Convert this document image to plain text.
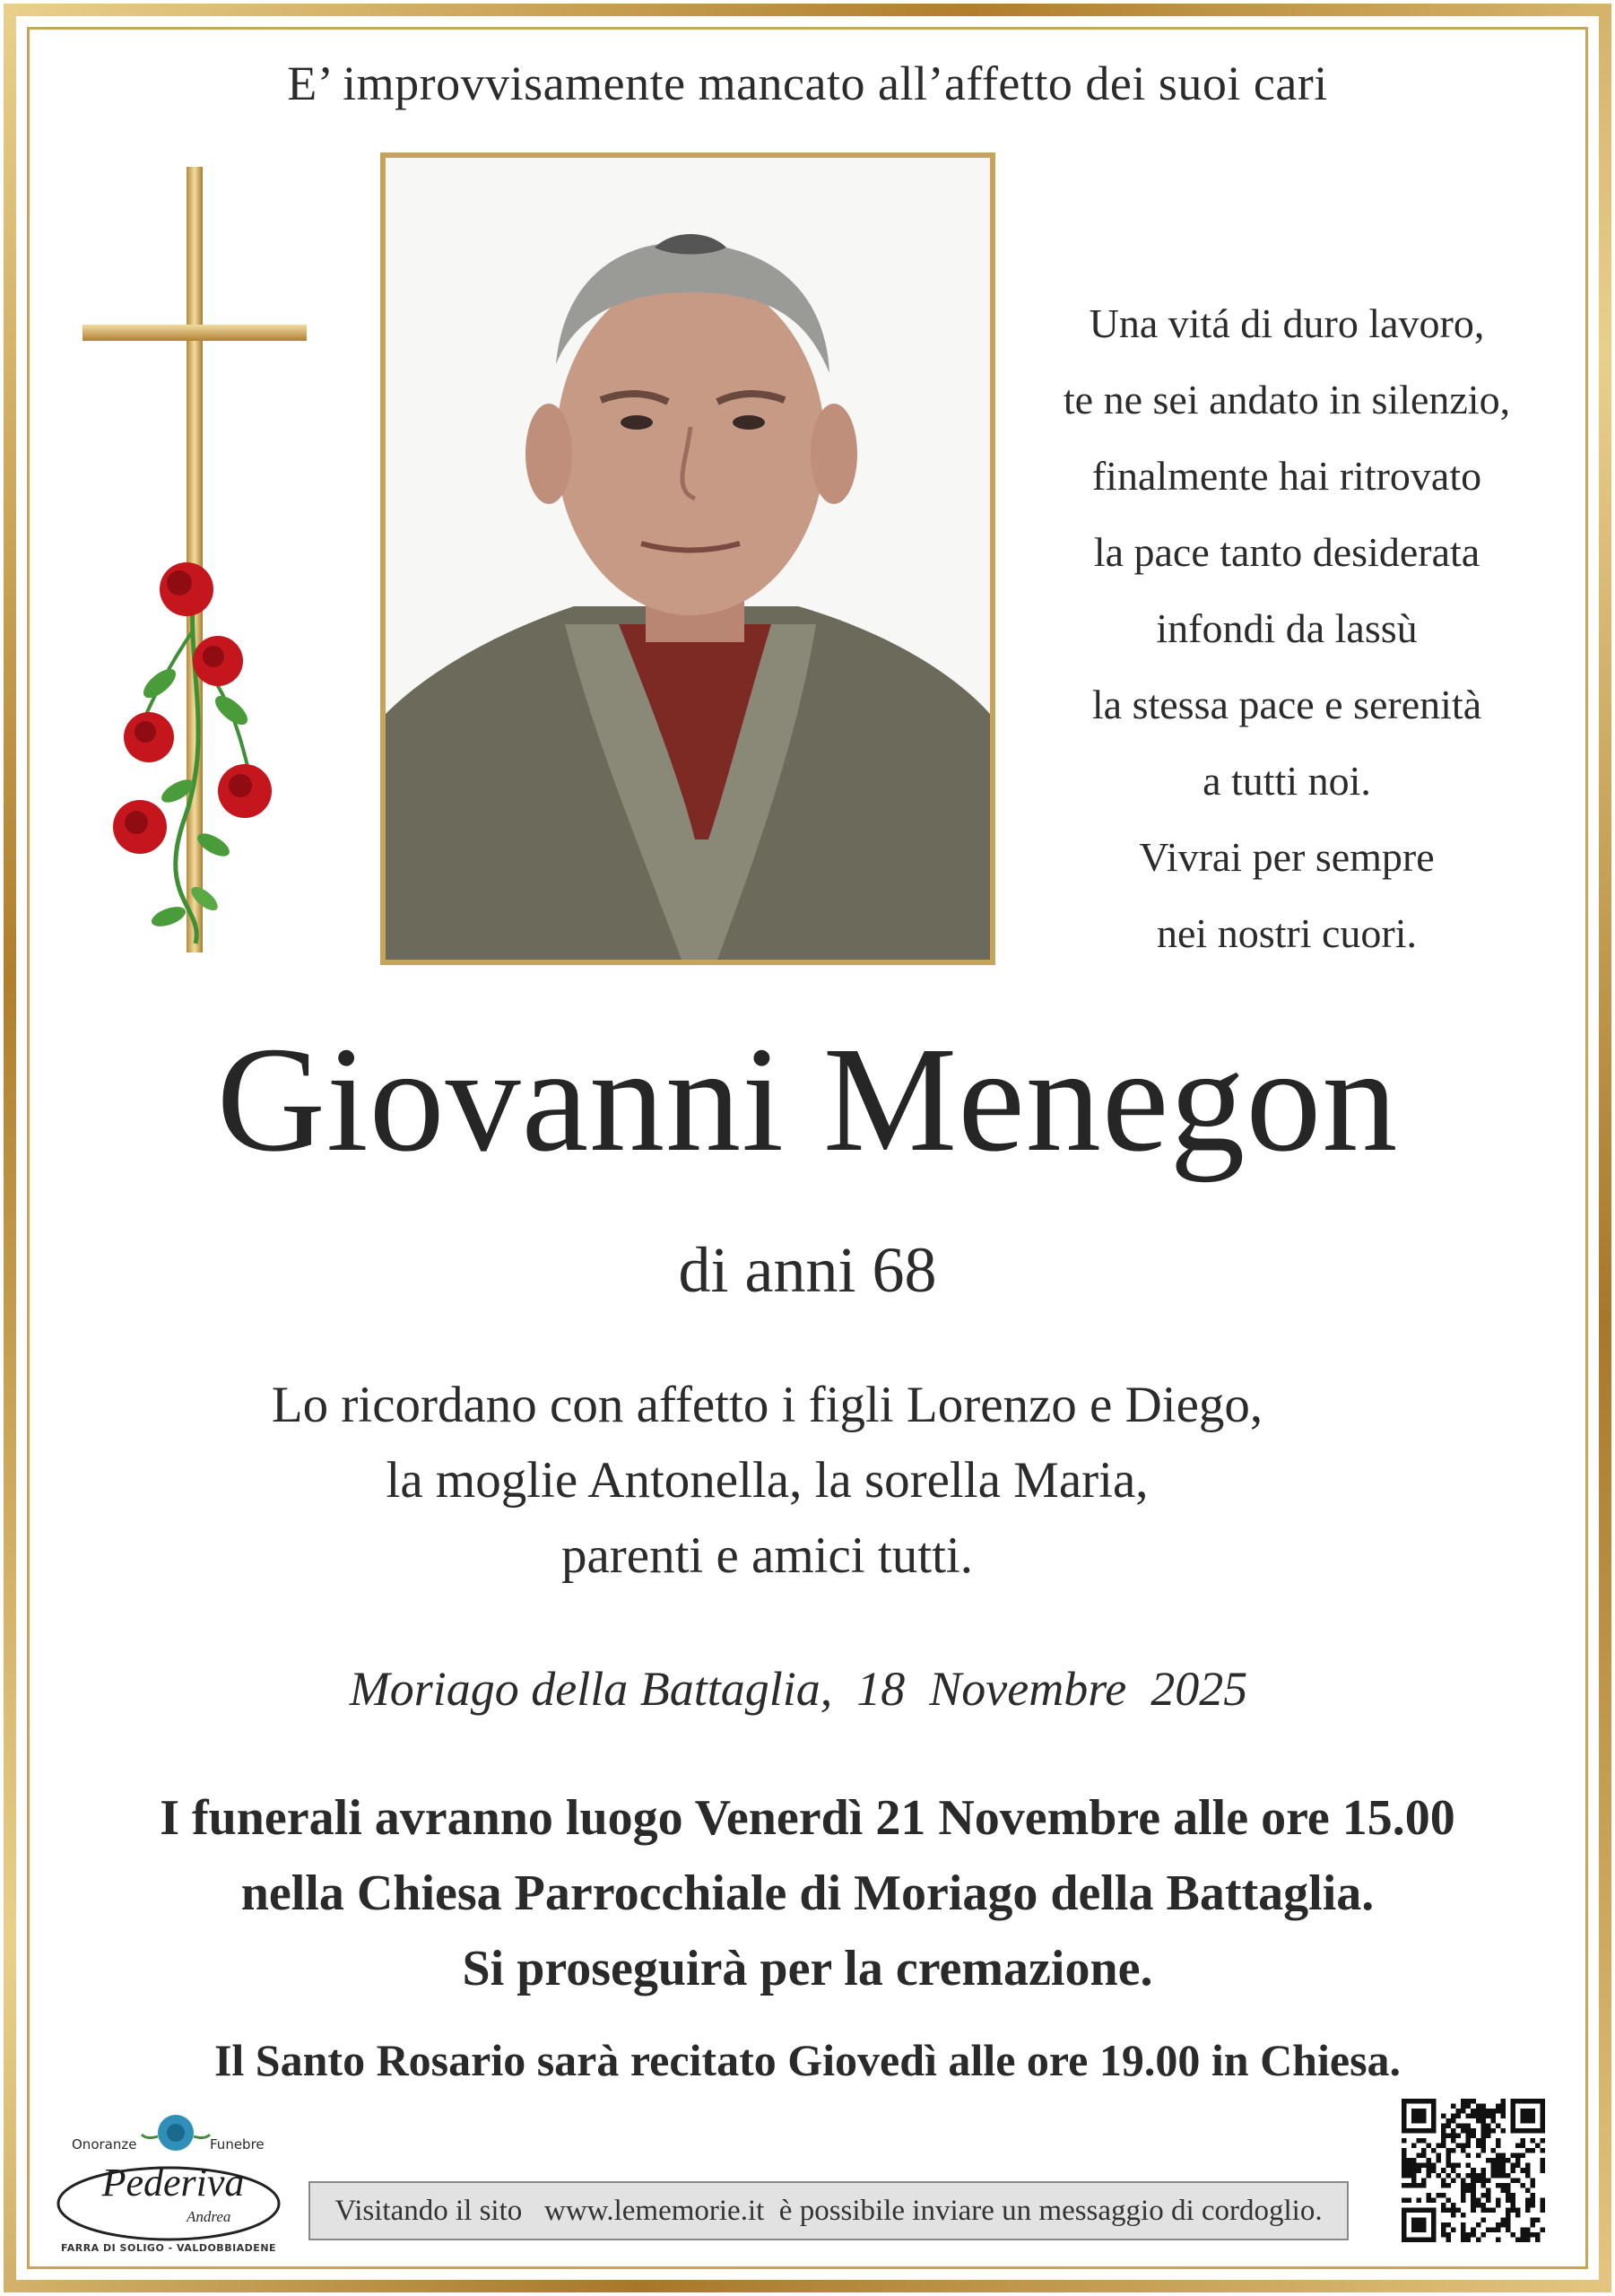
E’ improvvisamente mancato all’affetto dei suoi cari
Una vitá di duro lavoro,
te ne sei andato in silenzio,
finalmente hai ritrovato
la pace tanto desiderata
infondi da lassù
la stessa pace e serenità
a tutti noi.
Vivrai per sempre
nei nostri cuori.
Giovanni Menegon
di anni 68
Lo ricordano con affetto i figli Lorenzo e Diego,
la moglie Antonella, la sorella Maria,
parenti e amici tutti.
Moriago della Battaglia,  18  Novembre  2025
I funerali avranno luogo Venerdì 21 Novembre alle ore 15.00
nella Chiesa Parrocchiale di Moriago della Battaglia.
Si proseguirà per la cremazione.
Il Santo Rosario sarà recitato Giovedì alle ore 19.00 in Chiesa.
Onoranze	Funebre
Pederiva
Andrea
FARRA DI SOLIGO - VALDOBBIADENE
Visitando il sito   www.lememorie.it  è possibile inviare un messaggio di cordoglio.
